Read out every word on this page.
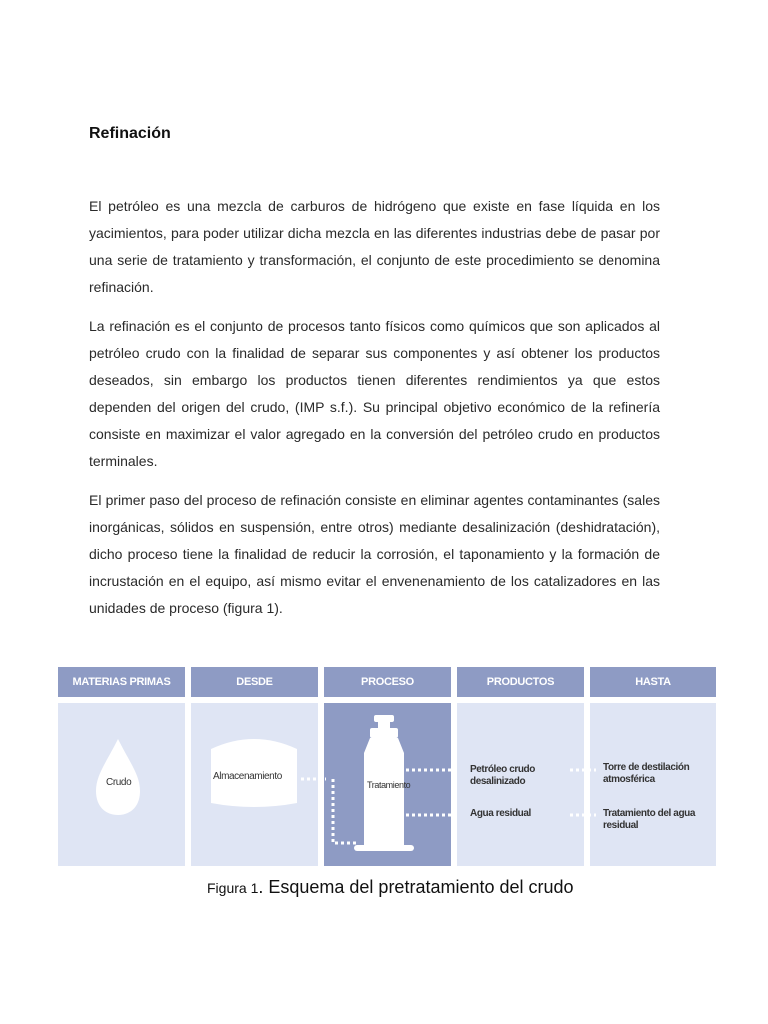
Refinación

El petróleo es una mezcla de carburos de hidrógeno que existe en fase líquida en los yacimientos, para poder utilizar dicha mezcla en las diferentes industrias debe de pasar por una serie de tratamiento y transformación, el conjunto de este procedimiento se denomina refinación.

La refinación es el conjunto de procesos tanto físicos como químicos que son aplicados al petróleo crudo con la finalidad de separar sus componentes y así obtener los productos deseados, sin embargo los productos tienen diferentes rendimientos ya que estos dependen del origen del crudo, (IMP s.f.). Su principal objetivo económico de la refinería consiste en maximizar el valor agregado en la conversión del petróleo crudo en productos terminales.

El primer paso del proceso de refinación consiste en eliminar agentes contaminantes (sales inorgánicas, sólidos en suspensión, entre otros) mediante desalinización (deshidratación), dicho proceso tiene la finalidad de reducir la corrosión, el taponamiento y la formación de incrustación en el equipo, así mismo evitar el envenenamiento de los catalizadores en las unidades de proceso (figura 1).

MATERIAS PRIMAS	DESDE	PROCESO	PRODUCTOS	HASTA
Crudo
Almacenamiento
Tratamiento
Petróleo crudo desalinizado
Agua residual
Torre de destilación atmosférica
Tratamiento del agua residual

Figura 1. Esquema del pretratamiento del crudo
